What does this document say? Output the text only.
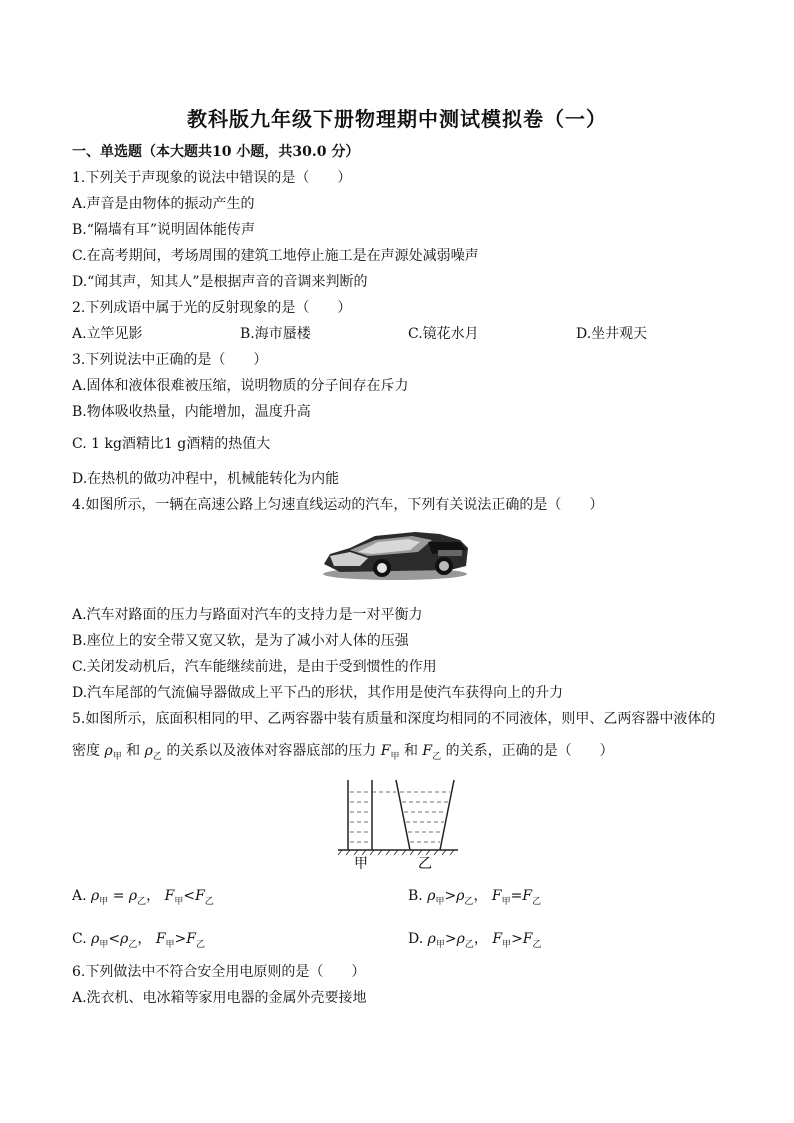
教科版九年级下册物理期中测试模拟卷（一）
一、单选题（本大题共10 小题，共30.0 分）
1.下列关于声现象的说法中错误的是（　　）
A.声音是由物体的振动产生的
B.“隔墙有耳”说明固体能传声
C.在高考期间，考场周围的建筑工地停止施工是在声源处减弱噪声
D.“闻其声，知其人”是根据声音的音调来判断的
2.下列成语中属于光的反射现象的是（　　）
A.立竿见影	B.海市蜃楼	C.镜花水月	D.坐井观天
3.下列说法中正确的是（　　）
A.固体和液体很难被压缩，说明物质的分子间存在斥力
B.物体吸收热量，内能增加，温度升高
C. 1 kg酒精比1 g酒精的热值大
D.在热机的做功冲程中，机械能转化为内能
4.如图所示，一辆在高速公路上匀速直线运动的汽车，下列有关说法正确的是（　　）
A.汽车对路面的压力与路面对汽车的支持力是一对平衡力
B.座位上的安全带又宽又软，是为了减小对人体的压强
C.关闭发动机后，汽车能继续前进，是由于受到惯性的作用
D.汽车尾部的气流偏导器做成上平下凸的形状，其作用是使汽车获得向上的升力
5.如图所示，底面积相同的甲、乙两容器中装有质量和深度均相同的不同液体，则甲、乙两容器中液体的
密度 $\rho_甲$ 和 $\rho_乙$ 的关系以及液体对容器底部的压力 $F_甲$ 和 $F_乙$ 的关系，正确的是（　　）
甲	乙
A. $\rho_甲 = \rho_乙$， $F_甲<F_乙$	B. $\rho_甲>\rho_乙$， $F_甲=F_乙$
C. $\rho_甲<\rho_乙$， $F_甲>F_乙$	D. $\rho_甲>\rho_乙$， $F_甲>F_乙$
6.下列做法中不符合安全用电原则的是（　　）
A.洗衣机、电冰箱等家用电器的金属外壳要接地
